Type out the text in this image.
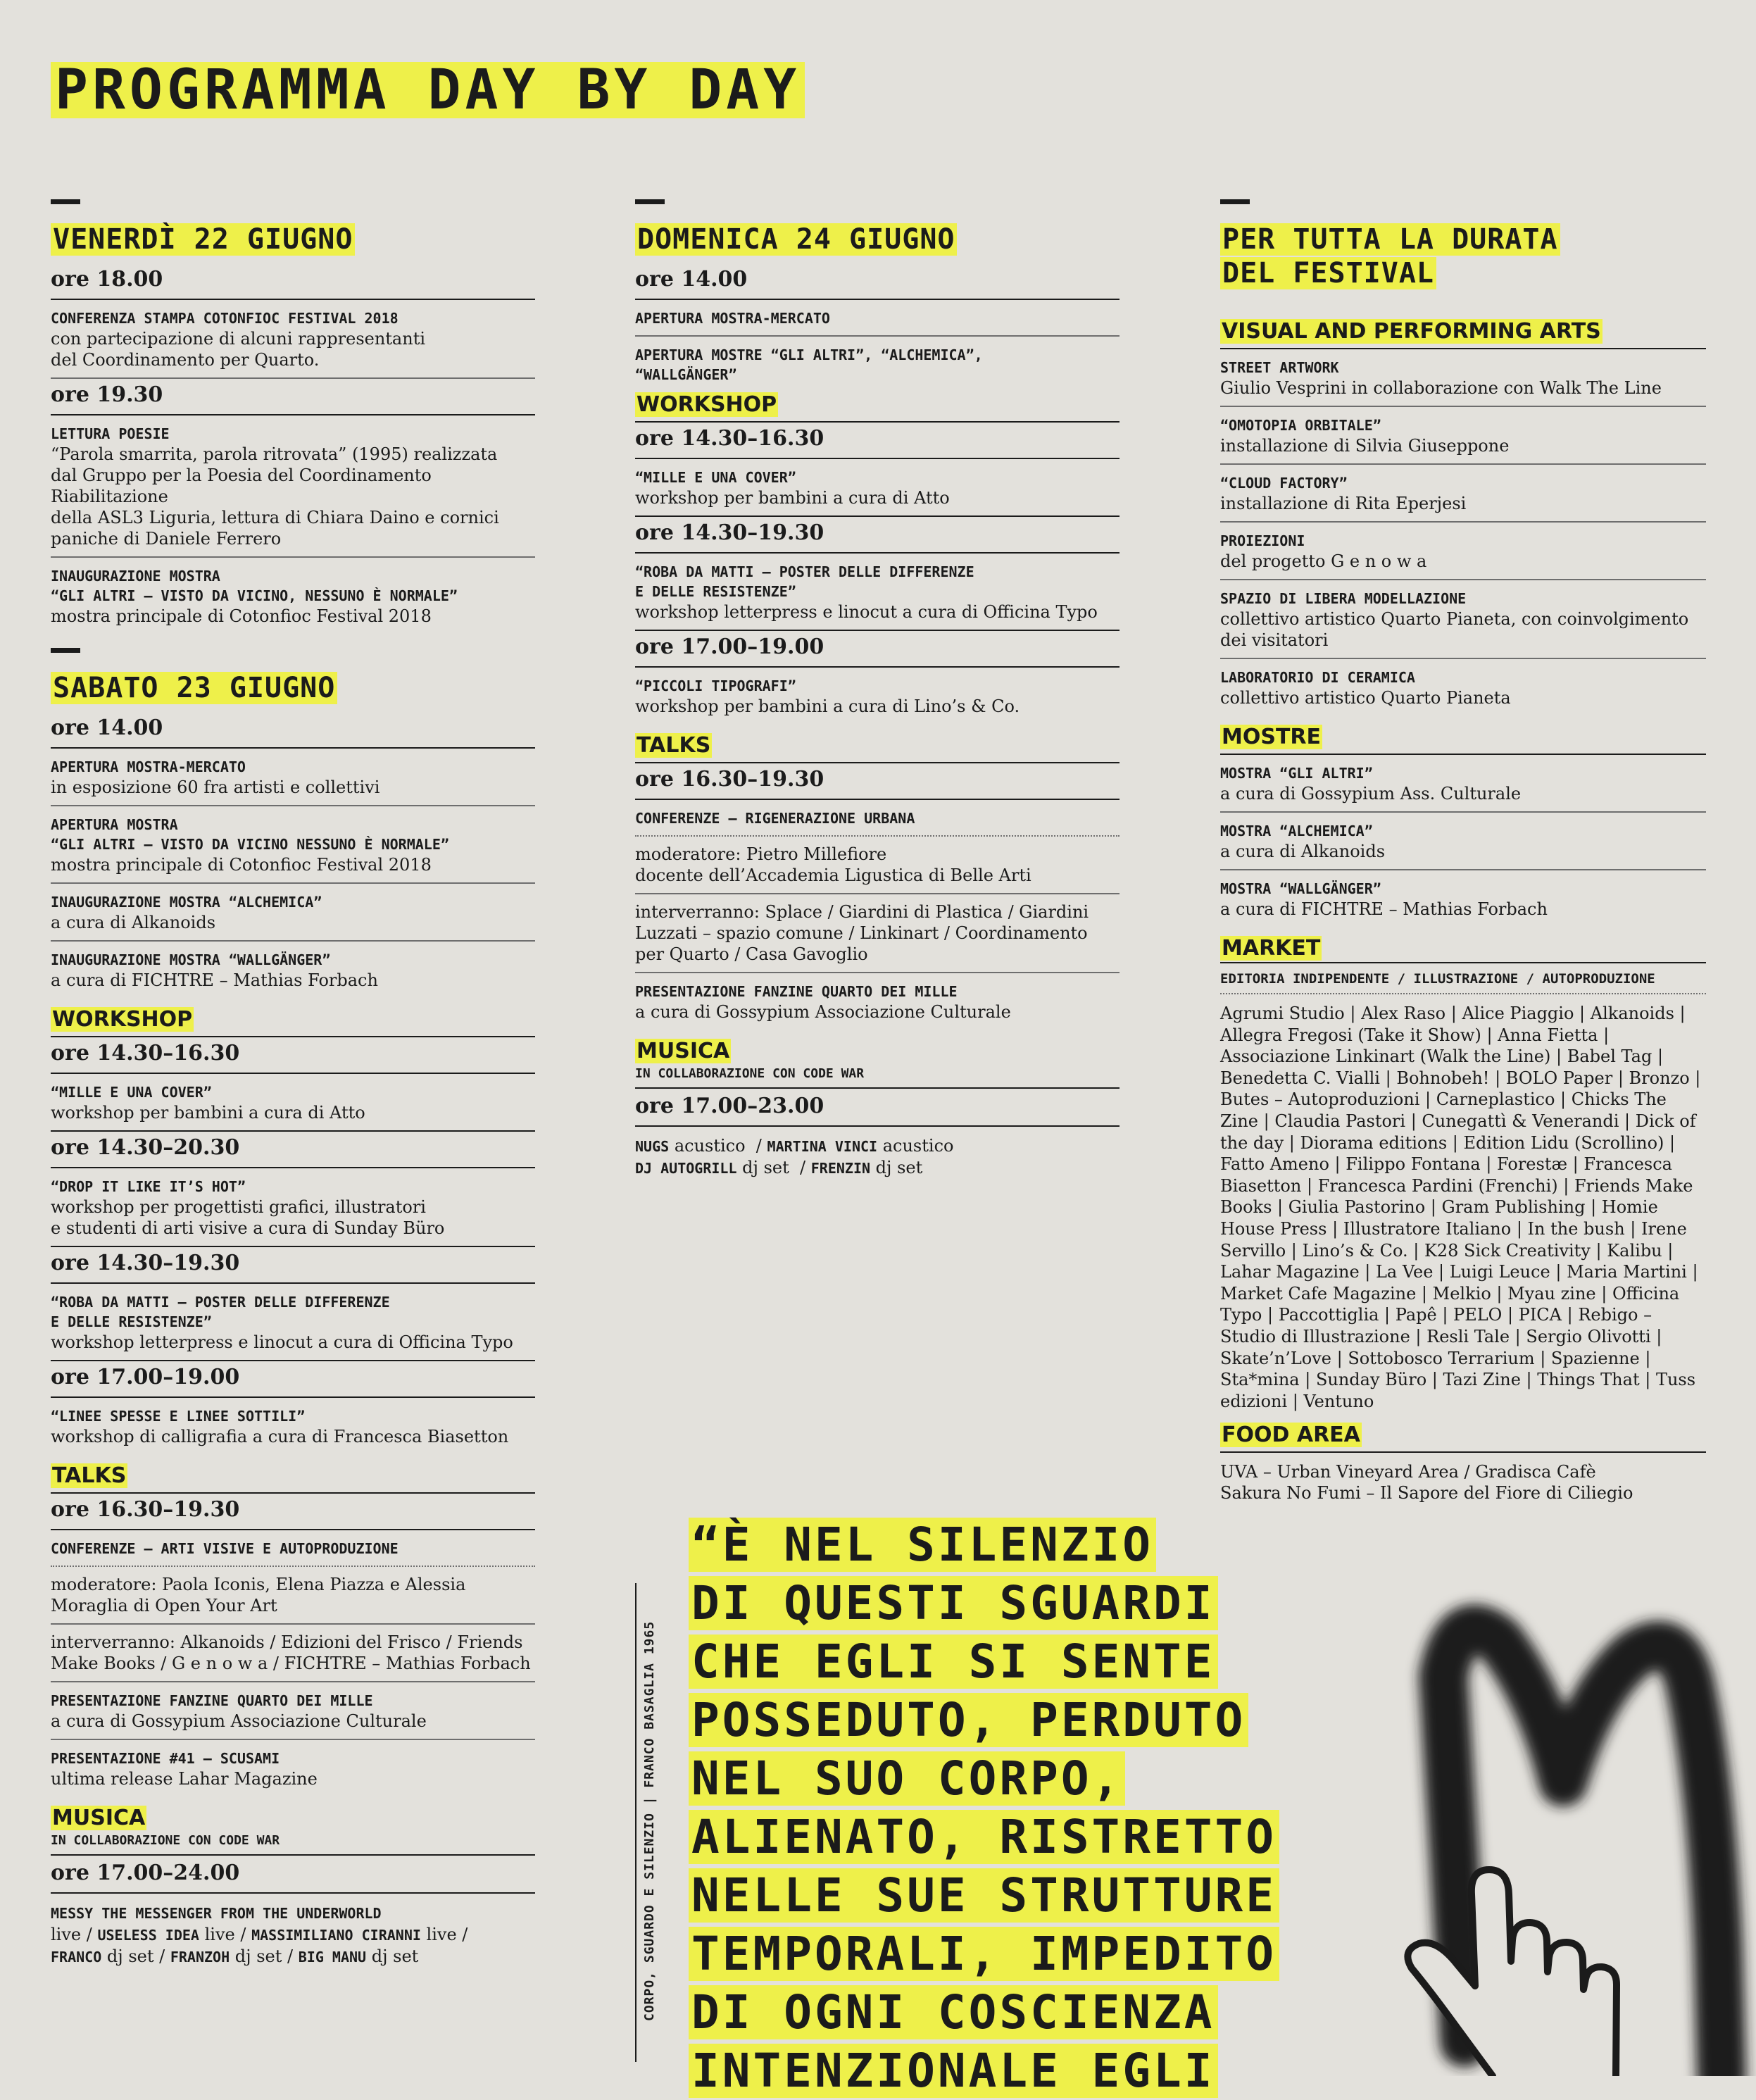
PROGRAMMA DAY BY DAY
VENERDÌ 22 GIUGNO
ore 18.00
CONFERENZA STAMPA COTONFIOC FESTIVAL 2018
con partecipazione di alcuni rappresentanti
del Coordinamento per Quarto.
ore 19.30
LETTURA POESIE
“Parola smarrita, parola ritrovata” (1995) realizzata
dal Gruppo per la Poesia del Coordinamento Riabilitazione
della ASL3 Liguria, lettura di Chiara Daino e cornici
paniche di Daniele Ferrero
INAUGURAZIONE MOSTRA
“GLI ALTRI — VISTO DA VICINO, NESSUNO È NORMALE”
mostra principale di Cotonfioc Festival 2018
SABATO 23 GIUGNO
ore 14.00
APERTURA MOSTRA-MERCATO
in esposizione 60 fra artisti e collettivi
APERTURA MOSTRA
“GLI ALTRI — VISTO DA VICINO NESSUNO È NORMALE”
mostra principale di Cotonfioc Festival 2018
INAUGURAZIONE MOSTRA “ALCHEMICA”
a cura di Alkanoids
INAUGURAZIONE MOSTRA “WALLGÄNGER”
a cura di FICHTRE – Mathias Forbach
WORKSHOP
ore 14.30–16.30
“MILLE E UNA COVER”
workshop per bambini a cura di Atto
ore 14.30–20.30
“DROP IT LIKE IT’S HOT”
workshop per progettisti grafici, illustratori
e studenti di arti visive a cura di Sunday Büro
ore 14.30–19.30
“ROBA DA MATTI — POSTER DELLE DIFFERENZE
E DELLE RESISTENZE”
workshop letterpress e linocut a cura di Officina Typo
ore 17.00–19.00
“LINEE SPESSE E LINEE SOTTILI”
workshop di calligrafia a cura di Francesca Biasetton
TALKS
ore 16.30–19.30
CONFERENZE — ARTI VISIVE E AUTOPRODUZIONE
moderatore: Paola Iconis, Elena Piazza e Alessia
Moraglia di Open Your Art
interverranno: Alkanoids / Edizioni del Frisco / Friends
Make Books / G e n o w a / FICHTRE – Mathias Forbach
PRESENTAZIONE FANZINE QUARTO DEI MILLE
a cura di Gossypium Associazione Culturale
PRESENTAZIONE #41 — SCUSAMI
ultima release Lahar Magazine
MUSICA
IN COLLABORAZIONE CON CODE WAR
ore 17.00–24.00
MESSY THE MESSENGER FROM THE UNDERWORLD
live / USELESS IDEA live / MASSIMILIANO CIRANNI live /
FRANCO dj set / FRANZOH dj set / BIG MANU dj set
DOMENICA 24 GIUGNO
ore 14.00
APERTURA MOSTRA-MERCATO
APERTURA MOSTRE “GLI ALTRI”, “ALCHEMICA”,
“WALLGÄNGER”
WORKSHOP
ore 14.30–16.30
“MILLE E UNA COVER”
workshop per bambini a cura di Atto
ore 14.30–19.30
“ROBA DA MATTI — POSTER DELLE DIFFERENZE
E DELLE RESISTENZE”
workshop letterpress e linocut a cura di Officina Typo
ore 17.00–19.00
“PICCOLI TIPOGRAFI”
workshop per bambini a cura di Lino’s & Co.
TALKS
ore 16.30–19.30
CONFERENZE — RIGENERAZIONE URBANA
moderatore: Pietro Millefiore
docente dell’Accademia Ligustica di Belle Arti
interverranno: Splace / Giardini di Plastica / Giardini
Luzzati – spazio comune / Linkinart / Coordinamento
per Quarto / Casa Gavoglio
PRESENTAZIONE FANZINE QUARTO DEI MILLE
a cura di Gossypium Associazione Culturale
MUSICA
IN COLLABORAZIONE CON CODE WAR
ore 17.00–23.00
NUGS acustico  / MARTINA VINCI acustico
DJ AUTOGRILL dj set  / FRENZIN dj set
PER TUTTA LA DURATA
DEL FESTIVAL
VISUAL AND PERFORMING ARTS
STREET ARTWORK
Giulio Vesprini in collaborazione con Walk The Line
“OMOTOPIA ORBITALE”
installazione di Silvia Giuseppone
“CLOUD FACTORY”
installazione di Rita Eperjesi
PROIEZIONI
del progetto G e n o w a
SPAZIO DI LIBERA MODELLAZIONE
collettivo artistico Quarto Pianeta, con coinvolgimento
dei visitatori
LABORATORIO DI CERAMICA
collettivo artistico Quarto Pianeta
MOSTRE
MOSTRA “GLI ALTRI”
a cura di Gossypium Ass. Culturale
MOSTRA “ALCHEMICA”
a cura di Alkanoids
MOSTRA “WALLGÄNGER”
a cura di FICHTRE – Mathias Forbach
MARKET
EDITORIA INDIPENDENTE / ILLUSTRAZIONE / AUTOPRODUZIONE
Agrumi Studio | Alex Raso | Alice Piaggio | Alkanoids | Allegra Fregosi (Take it Show) | Anna Fietta | Associazione Linkinart (Walk the Line) | Babel Tag | Benedetta C. Vialli | Bohnobeh! | BOLO Paper | Bronzo | Butes – Autoproduzioni | Carneplastico | Chicks The Zine | Claudia Pastori | Cunegattì & Venerandi | Dick of the day | Diorama editions | Edition Lidu (Scrollino) | Fatto Ameno | Filippo Fontana | Forestæ | Francesca Biasetton | Francesca Pardini (Frenchi) | Friends Make Books | Giulia Pastorino | Gram Publishing | Homie House Press | Illustratore Italiano | In the bush | Irene Servillo | Lino’s & Co. | K28 Sick Creativity | Kalibu | Lahar Magazine | La Vee | Luigi Leuce | Maria Martini | Market Cafe Magazine | Melkio | Myau zine | Officina Typo | Paccottiglia | Papê | PELO | PICA | Rebigo – Studio di Illustrazione | Resli Tale | Sergio Olivotti | Skate’n’Love | Sottobosco Terrarium | Spazienne | Sta*mina | Sunday Büro | Tazi Zine | Things That | Tuss edizioni | Ventuno
FOOD AREA
UVA – Urban Vineyard Area / Gradisca Cafè
Sakura No Fumi – Il Sapore del Fiore di Ciliegio
CORPO, SGUARDO E SILENZIO | FRANCO BASAGLIA 1965
“È NEL SILENZIO
DI QUESTI SGUARDI
CHE EGLI SI SENTE
POSSEDUTO, PERDUTO
NEL SUO CORPO,
ALIENATO, RISTRETTO
NELLE SUE STRUTTURE
TEMPORALI, IMPEDITO
DI OGNI COSCIENZA
INTENZIONALE EGLI
